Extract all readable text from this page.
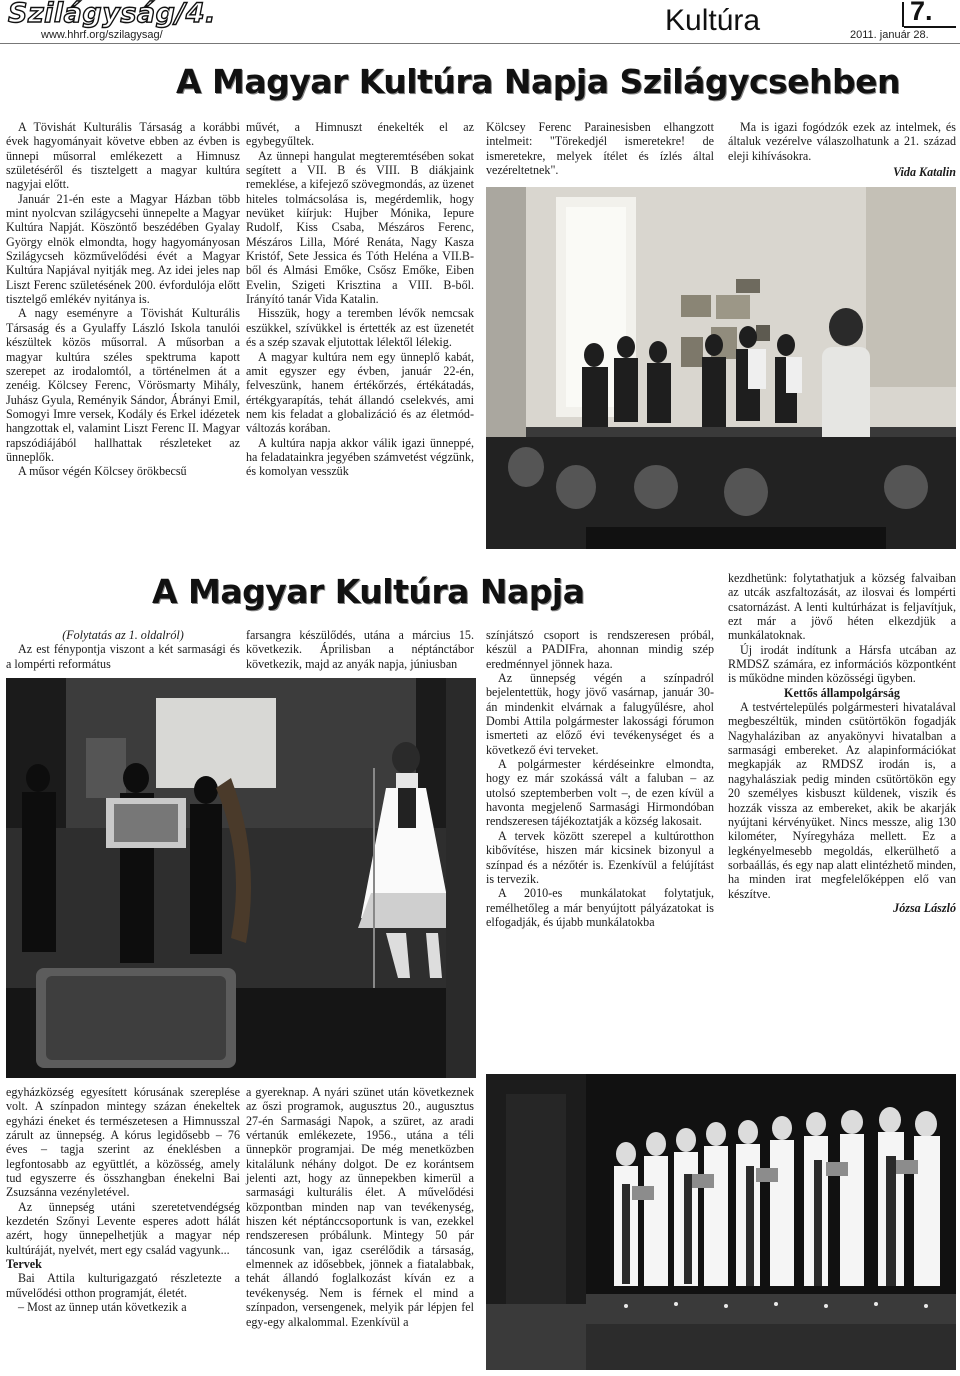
Szilágyság/4.
www.hhrf.org/szilagysag/	Kultúra	7.
2011. január 28.
A Magyar Kultúra Napja Szilágycsehben

A Tövishát Kulturális Társaság a korábbi évek hagyományait követve ebben az évben is ünnepi műsorral emlékezett a Himnusz születéséről és tisztelgett a magyar kultúra nagyjai előtt.

Január 21-én este a Magyar Házban több mint nyolcvan szilágycsehi ünnepelte a Magyar Kultúra Napját. Köszöntő beszédében Gyalay György elnök elmondta, hogy hagyományosan Szilágycseh közművelődési évét a Magyar Kultúra Napjával nyitják meg. Az idei jeles nap Liszt Ferenc születésének 200. évfordulója előtt tisztelgő emlékév nyitánya is.

A nagy eseményre a Tövishát Kulturális Társaság és a Gyulaffy László Iskola tanulói készültek közös műsorral. A műsorban a magyar kultúra széles spektruma kapott szerepet az irodalomtól, a történelmen át a zenéig. Kölcsey Ferenc, Vörösmarty Mihály, Juhász Gyula, Reményik Sándor, Ábrányi Emil, Somogyi Imre versek, Kodály és Erkel idézetek hangzottak el, valamint Liszt Ferenc II. Magyar rapszódiájából hallhattak részleteket az ünneplők.

A műsor végén Kölcsey örökbecsű

művét, a Himnuszt énekelték el az egybegyűltek.

Az ünnepi hangulat megteremtésében sokat segített a VII. B és VIII. B diákjaink remeklése, a kifejező szövegmondás, az üzenet hiteles tolmácsolása is, megérdemlik, hogy nevüket kiírjuk: Hujber Mónika, Iepure Rudolf, Kiss Csaba, Mészáros Ferenc, Mészáros Lilla, Móré Renáta, Nagy Kasza Kristóf, Sete Jessica és Tóth Heléna a VII.B-ből és Almási Emőke, Csősz Emőke, Eiben Evelin, Szigeti Krisztina a VIII. B-ből. Irányító tanár Vida Katalin.

Hisszük, hogy a teremben lévők nemcsak eszükkel, szívükkel is értették az est üzenetét és a szép szavak eljutottak lélektől lélekig.

A magyar kultúra nem egy ünneplő kabát, amit egyszer egy évben, január 22-én, felveszünk, hanem értékőrzés, értékátadás, értékgyarapítás, tehát állandó cselekvés, ami nem kis feladat a globalizáció és az életmód-változás korában.

A kultúra napja akkor válik igazi ünneppé, ha feladatainkra jegyében számvetést végzünk, és komolyan vesszük

Kölcsey Ferenc Parainesisben elhangzott intelmeit: "Törekedjél ismeretekre! de ismeretekre, melyek ítélet és ízlés által vezéreltetnek".

Ma is igazi fogódzók ezek az intelmek, és általuk vezérelve válaszolhatunk a 21. század eleji kihívásokra.

Vida Katalin

A Magyar Kultúra Napja

(Folytatás az 1. oldalról)

Az est fénypontja viszont a két sarmasági és a lompérti református

farsangra készülődés, utána a március 15. következik. Áprilisban a néptánctábor következik, majd az anyák napja, júniusban

színjátszó csoport is rendszeresen próbál, készül a PADIFra, ahonnan mindig szép eredménnyel jönnek haza.

Az ünnepség végén a színpadról bejelentettük, hogy jövő vasárnap, január 30-án mindenkit elvárnak a falugyűlésre, ahol Dombi Attila polgármester lakossági fórumon ismerteti az előző évi tevékenységet és a következő évi terveket.

A polgármester kérdéseinkre elmondta, hogy ez már szokássá vált a faluban – az utolsó szeptemberben volt –, de ezen kívül a havonta megjelenő Sarmasági Hirmondóban rendszeresen tájékoztatják a község lakosait.

A tervek között szerepel a kultúrotthon kibővítése, hiszen már kicsinek bizonyul a színpad és a nézőtér is. Ezenkívül a felújítást is tervezik.

A 2010-es munkálatokat folytatjuk, remélhetőleg a már benyújtott pályázatokat is elfogadják, és újabb munkálatokba

kezdhetünk: folytathatjuk a község falvaiban az utcák aszfaltozását, az ilosvai és lompérti csatornázást. A lenti kultúrházat is feljavítjuk, ezt már a jövő héten elkezdjük a munkálatoknak.

Új irodát indítunk a Hársfa utcában az RMDSZ számára, ez információs központként is működne minden közösségi ügyben.

Kettős állampolgárság

A testvértelepülés polgármesteri hivatalával megbeszéltük, minden csütörtökön fogadják Nagyhaláziban az anyakönyvi hivatalban a sarmasági embereket. Az alapinformációkat megkapják az RMDSZ irodán is, a nagyhalásziak pedig minden csütörtökön egy 20 személyes kisbuszt küldenek, viszik és hozzák vissza az embereket, akik be akarják nyújtani kérvényüket. Nincs messze, alig 130 kilométer, Nyíregyháza mellett. Ez a legkényelmesebb megoldás, elkerülhető a sorbaállás, és egy nap alatt elintézhető minden, ha minden irat megfelelőképpen elő van készítve.

Józsa László

egyházközség egyesített kórusának szereplése volt. A színpadon mintegy százan énekeltek egyházi éneket és természetesen a Himnusszal zárult az ünnepség. A kórus legidősebb – 76 éves – tagja szerint az éneklésben a legfontosabb az együttlét, a közösség, amely tud egyszerre és összhangban énekelni Bai Zsuzsánna vezényletével.

Az ünnepség utáni szeretetvendégség kezdetén Szőnyi Levente esperes adott hálát azért, hogy ünnepelhetjük a magyar nép kultúráját, nyelvét, mert egy család vagyunk...

Tervek

Bai Attila kulturigazgató részletezte a művelődési otthon programját, életét.

– Most az ünnep után következik a

a gyereknap. A nyári szünet után következnek az őszi programok, augusztus 20., augusztus 27-én Sarmasági Napok, a szüret, az aradi vértanúk emlékezete, 1956., utána a téli ünnepkör programjai. De még menetközben kitalálunk néhány dolgot. De ez korántsem jelenti azt, hogy az ünnepekben kimerül a sarmasági kulturális élet. A művelődési központban minden nap van tevékenység, hiszen két néptánccsoportunk is van, ezekkel rendszeresen próbálunk. Mintegy 50 pár táncosunk van, igaz cserélődik a társaság, elmennek az idősebbek, jönnek a fiatalabbak, tehát állandó foglalkozást kíván ez a tevékenység. Nem is férnek el mind a színpadon, versengenek, melyik pár lépjen fel egy-egy alkalommal. Ezenkívül a
